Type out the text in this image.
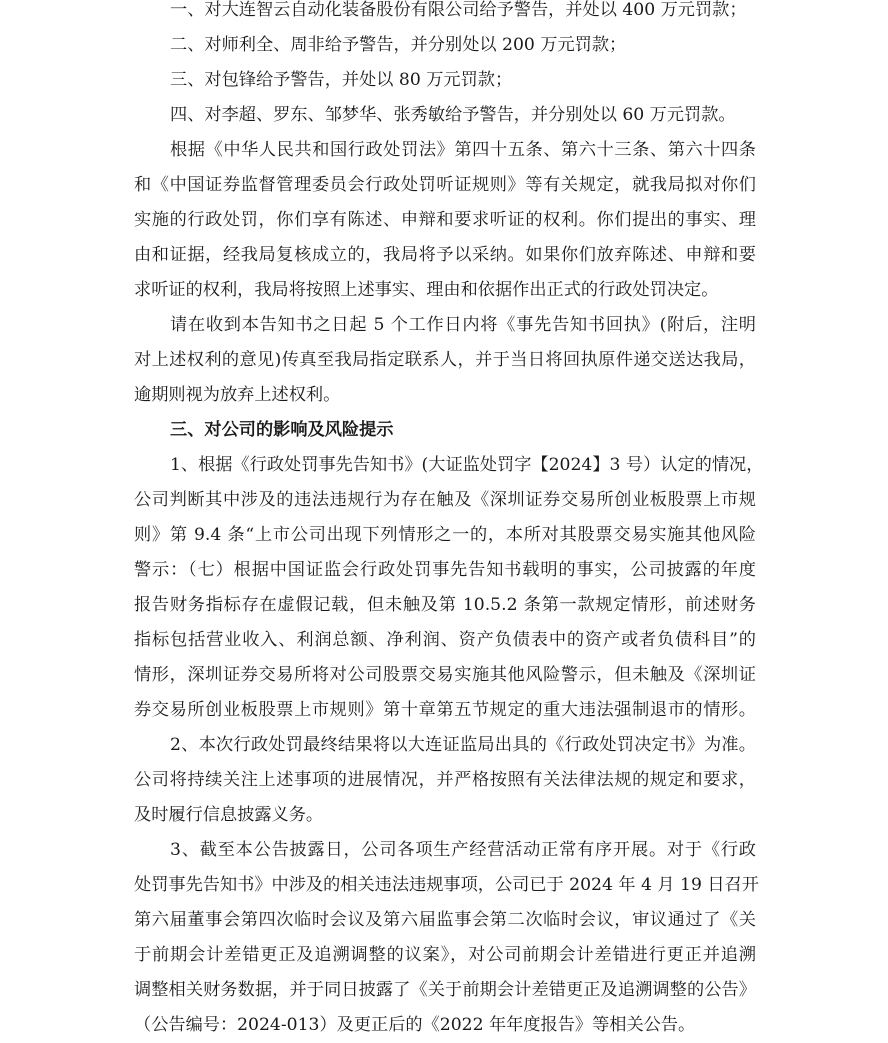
一、对大连智云自动化装备股份有限公司给予警告，并处以 400 万元罚款；
二、对师利全、周非给予警告，并分别处以 200 万元罚款；
三、对包锋给予警告，并处以 80 万元罚款；
四、对李超、罗东、邹梦华、张秀敏给予警告，并分别处以 60 万元罚款。
根据《中华人民共和国行政处罚法》第四十五条、第六十三条、第六十四条
和《中国证券监督管理委员会行政处罚听证规则》等有关规定，就我局拟对你们
实施的行政处罚，你们享有陈述、申辩和要求听证的权利。你们提出的事实、理
由和证据，经我局复核成立的，我局将予以采纳。如果你们放弃陈述、申辩和要
求听证的权利，我局将按照上述事实、理由和依据作出正式的行政处罚决定。
请在收到本告知书之日起 5 个工作日内将《事先告知书回执》(附后，注明
对上述权利的意见)传真至我局指定联系人，并于当日将回执原件递交送达我局，
逾期则视为放弃上述权利。
三、对公司的影响及风险提示
1、根据《行政处罚事先告知书》(大证监处罚字【2024】3 号）认定的情况，
公司判断其中涉及的违法违规行为存在触及《深圳证券交易所创业板股票上市规
则》第 9.4 条“上市公司出现下列情形之一的，本所对其股票交易实施其他风险
警示：（七）根据中国证监会行政处罚事先告知书载明的事实，公司披露的年度
报告财务指标存在虚假记载，但未触及第 10.5.2 条第一款规定情形，前述财务
指标包括营业收入、利润总额、净利润、资产负债表中的资产或者负债科目”的
情形，深圳证券交易所将对公司股票交易实施其他风险警示，但未触及《深圳证
券交易所创业板股票上市规则》第十章第五节规定的重大违法强制退市的情形。
2、本次行政处罚最终结果将以大连证监局出具的《行政处罚决定书》为准。
公司将持续关注上述事项的进展情况，并严格按照有关法律法规的规定和要求，
及时履行信息披露义务。
3、截至本公告披露日，公司各项生产经营活动正常有序开展。对于《行政
处罚事先告知书》中涉及的相关违法违规事项，公司已于 2024 年 4 月 19 日召开
第六届董事会第四次临时会议及第六届监事会第二次临时会议，审议通过了《关
于前期会计差错更正及追溯调整的议案》，对公司前期会计差错进行更正并追溯
调整相关财务数据，并于同日披露了《关于前期会计差错更正及追溯调整的公告》
（公告编号：2024-013）及更正后的《2022 年年度报告》等相关公告。
